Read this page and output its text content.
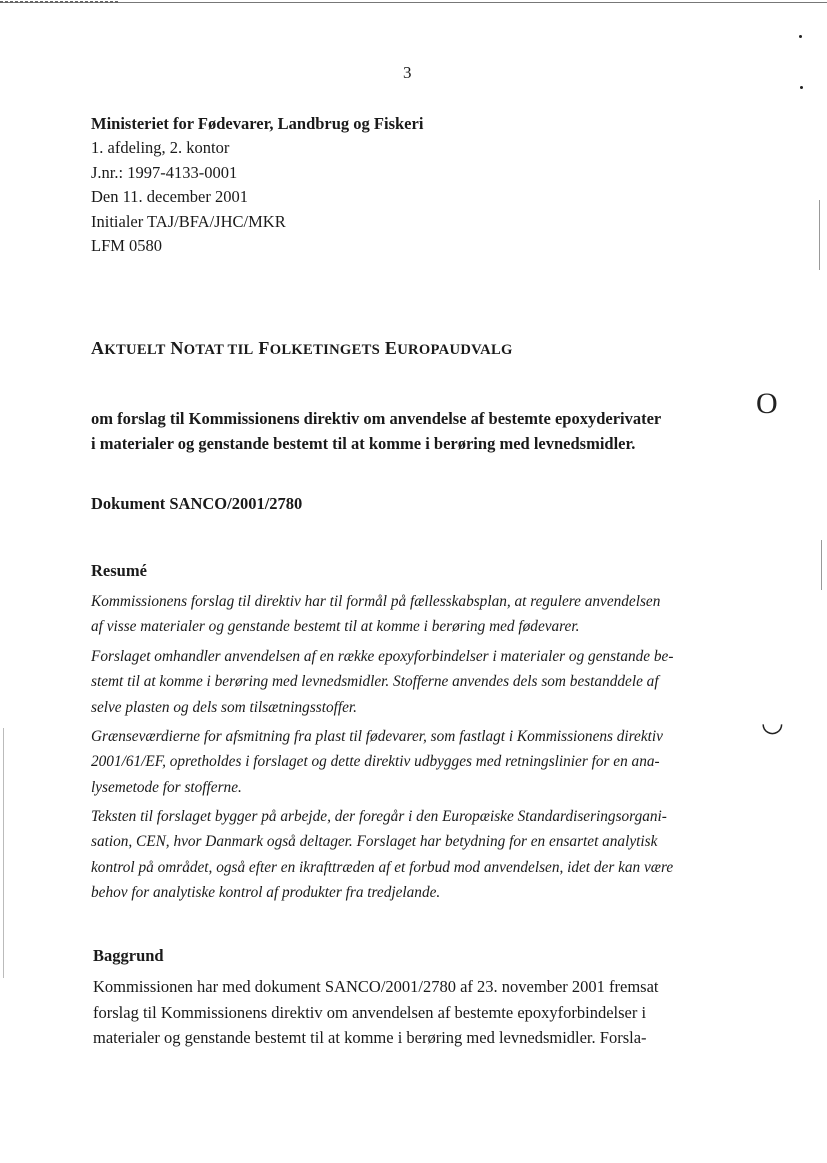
3
Ministeriet for Fødevarer, Landbrug og Fiskeri
1. afdeling, 2. kontor
J.nr.: 1997-4133-0001
Den 11. december 2001
Initialer TAJ/BFA/JHC/MKR
LFM 0580
AKTUELT NOTAT TIL FOLKETINGETS EUROPAUDVALG
om forslag til Kommissionens direktiv om anvendelse af bestemte epoxyderivater
i materialer og genstande bestemt til at komme i berøring med levnedsmidler.
Dokument SANCO/2001/2780
Resumé
Kommissionens forslag til direktiv har til formål på fællesskabsplan, at regulere anvendelsen
af visse materialer og genstande bestemt til at komme i berøring med fødevarer.
Forslaget omhandler anvendelsen af en række epoxyforbindelser i materialer og genstande be-
stemt til at komme i berøring med levnedsmidler. Stofferne anvendes dels som bestanddele af
selve plasten og dels som tilsætningsstoffer.
Grænseværdierne for afsmitning fra plast til fødevarer, som fastlagt i Kommissionens direktiv
2001/61/EF, opretholdes i forslaget og dette direktiv udbygges med retningslinier for en ana-
lysemetode for stofferne.
Teksten til forslaget bygger på arbejde, der foregår i den Europæiske Standardiseringsorgani-
sation, CEN, hvor Danmark også deltager. Forslaget har betydning for en ensartet analytisk
kontrol på området, også efter en ikrafttræden af et forbud mod anvendelsen, idet der kan være
behov for analytiske kontrol af produkter fra tredjelande.
Baggrund
Kommissionen har med dokument SANCO/2001/2780 af 23. november 2001 fremsat
forslag til Kommissionens direktiv om anvendelsen af bestemte epoxyforbindelser i
materialer og genstande bestemt til at komme i berøring med levnedsmidler. Forsla-
O
◡
